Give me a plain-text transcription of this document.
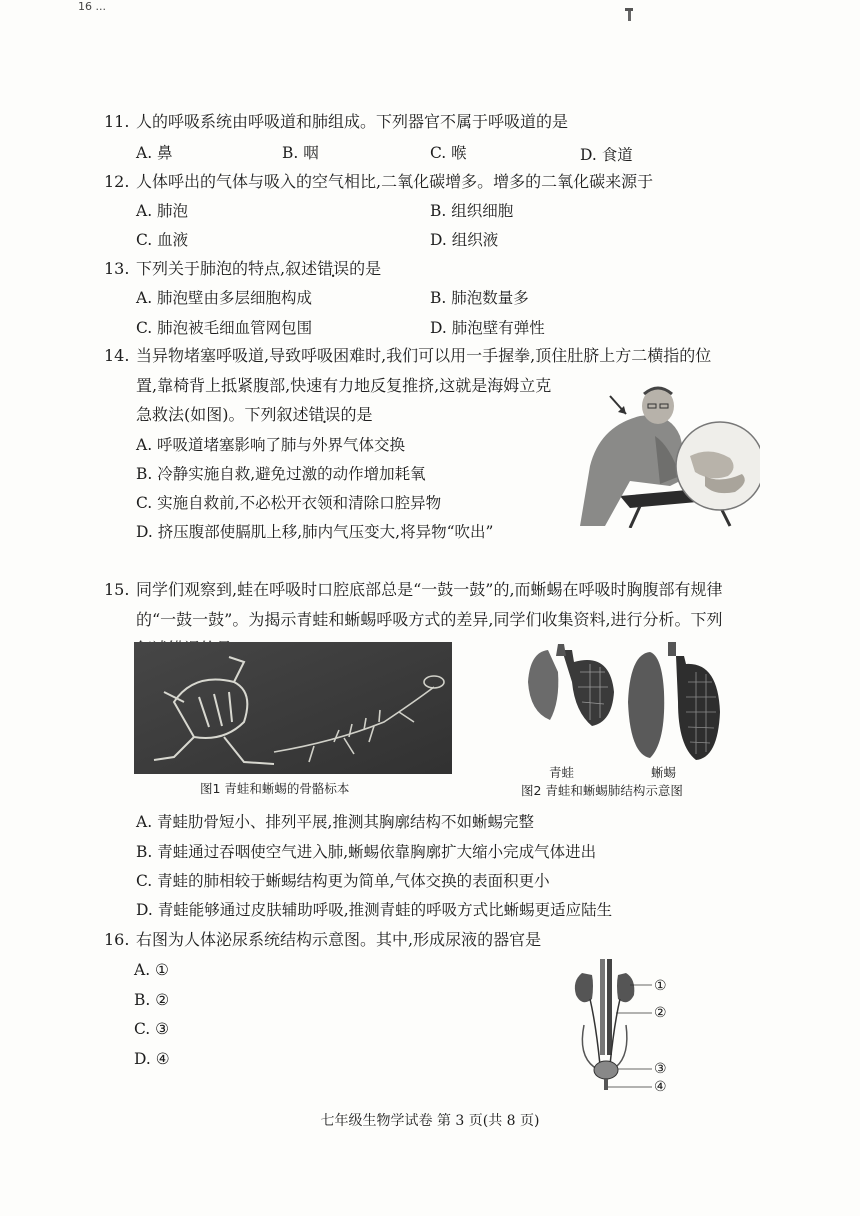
16 ...
11. 人的呼吸系统由呼吸道和肺组成。下列器官不属于呼吸道的是
A. 鼻	B. 咽	C. 喉	D. 食道
12. 人体呼出的气体与吸入的空气相比,二氧化碳增多。增多的二氧化碳来源于
A. 肺泡	B. 组织细胞
C. 血液	D. 组织液
13. 下列关于肺泡的特点,叙述错误的是
A. 肺泡壁由多层细胞构成	B. 肺泡数量多
C. 肺泡被毛细血管网包围	D. 肺泡壁有弹性
14. 当异物堵塞呼吸道,导致呼吸困难时,我们可以用一手握拳,顶住肚脐上方二横指的位
置,靠椅背上抵紧腹部,快速有力地反复推挤,这就是海姆立克
急救法(如图)。下列叙述错误的是
A. 呼吸道堵塞影响了肺与外界气体交换
B. 冷静实施自救,避免过激的动作增加耗氧
C. 实施自救前,不必松开衣领和清除口腔异物
D. 挤压腹部使膈肌上移,肺内气压变大,将异物“吹出”
15. 同学们观察到,蛙在呼吸时口腔底部总是“一鼓一鼓”的,而蜥蜴在呼吸时胸腹部有规律
的“一鼓一鼓”。为揭示青蛙和蜥蜴呼吸方式的差异,同学们收集资料,进行分析。下列
图1 青蛙和蜥蜴的骨骼标本
青蛙	蜥蜴
图2 青蛙和蜥蜴肺结构示意图
A. 青蛙肋骨短小、排列平展,推测其胸廓结构不如蜥蜴完整
B. 青蛙通过吞咽使空气进入肺,蜥蜴依靠胸廓扩大缩小完成气体进出
C. 青蛙的肺相较于蜥蜴结构更为简单,气体交换的表面积更小
D. 青蛙能够通过皮肤辅助呼吸,推测青蛙的呼吸方式比蜥蜴更适应陆生
16. 右图为人体泌尿系统结构示意图。其中,形成尿液的器官是
A. ①
B. ②
C. ③
D. ④
①
②
③
④
七年级生物学试卷 第 3 页(共 8 页)
